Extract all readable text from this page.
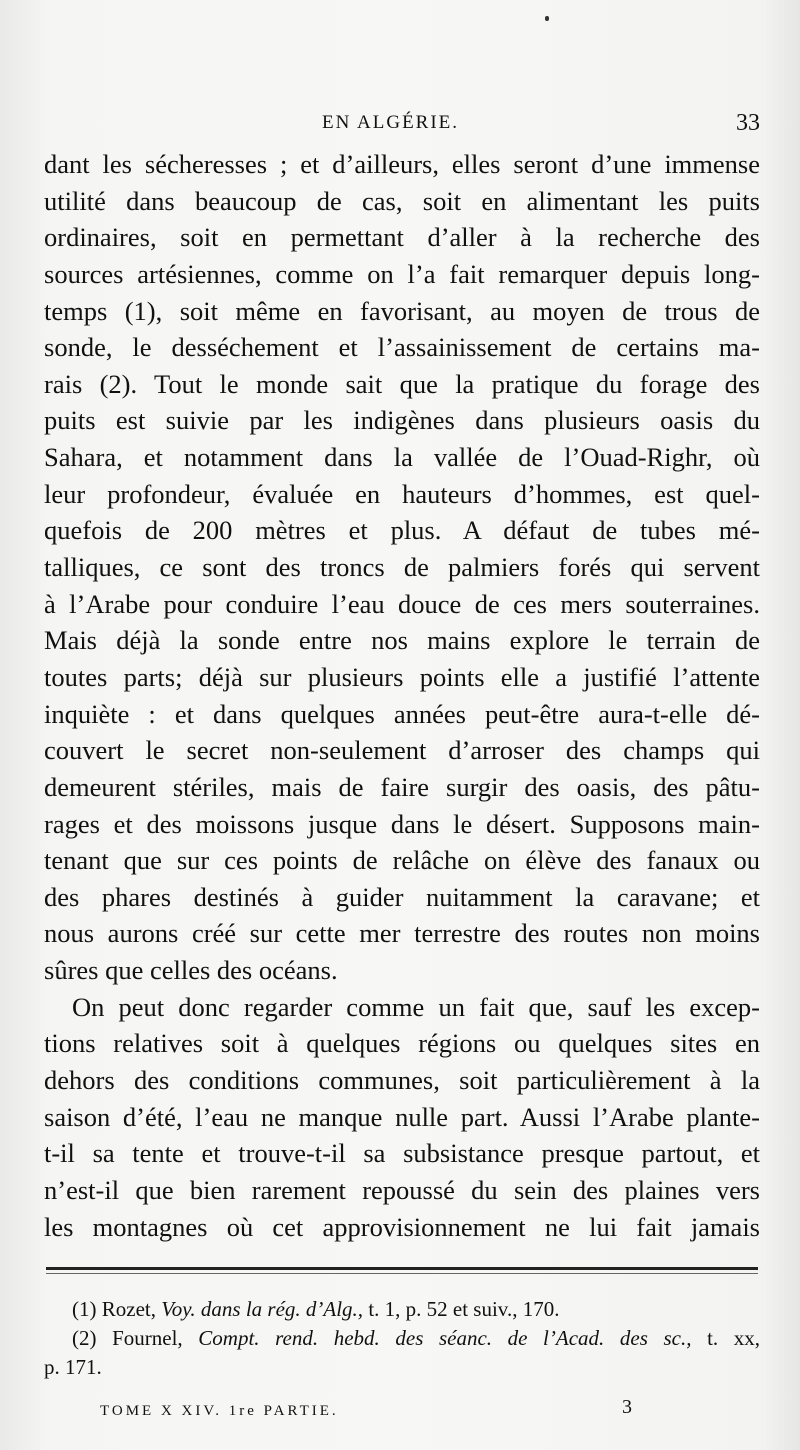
EN ALGÉRIE.	33
dant les sécheresses ; et d’ailleurs, elles seront d’une immense
utilité dans beaucoup de cas, soit en alimentant les puits
ordinaires, soit en permettant d’aller à la recherche des
sources artésiennes, comme on l’a fait remarquer depuis long-
temps (1), soit même en favorisant, au moyen de trous de
sonde, le desséchement et l’assainissement de certains ma-
rais (2). Tout le monde sait que la pratique du forage des
puits est suivie par les indigènes dans plusieurs oasis du
Sahara, et notamment dans la vallée de l’Ouad-Righr, où
leur profondeur, évaluée en hauteurs d’hommes, est quel-
quefois de 200 mètres et plus. A défaut de tubes mé-
talliques, ce sont des troncs de palmiers forés qui servent
à l’Arabe pour conduire l’eau douce de ces mers souterraines.
Mais déjà la sonde entre nos mains explore le terrain de
toutes parts; déjà sur plusieurs points elle a justifié l’attente
inquiète : et dans quelques années peut-être aura-t-elle dé-
couvert le secret non-seulement d’arroser des champs qui
demeurent stériles, mais de faire surgir des oasis, des pâtu-
rages et des moissons jusque dans le désert. Supposons main-
tenant que sur ces points de relâche on élève des fanaux ou
des phares destinés à guider nuitamment la caravane; et
nous aurons créé sur cette mer terrestre des routes non moins
sûres que celles des océans.
On peut donc regarder comme un fait que, sauf les excep-
tions relatives soit à quelques régions ou quelques sites en
dehors des conditions communes, soit particulièrement à la
saison d’été, l’eau ne manque nulle part. Aussi l’Arabe plante-
t-il sa tente et trouve-t-il sa subsistance presque partout, et
n’est-il que bien rarement repoussé du sein des plaines vers
les montagnes où cet approvisionnement ne lui fait jamais
(1) Rozet, Voy. dans la rég. d’Alg., t. 1, p. 52 et suiv., 170.
(2) Fournel, Compt. rend. hebd. des séanc. de l’Acad. des sc., t. xx,
p. 171.
TOME X XIV. 1re PARTIE.	3
